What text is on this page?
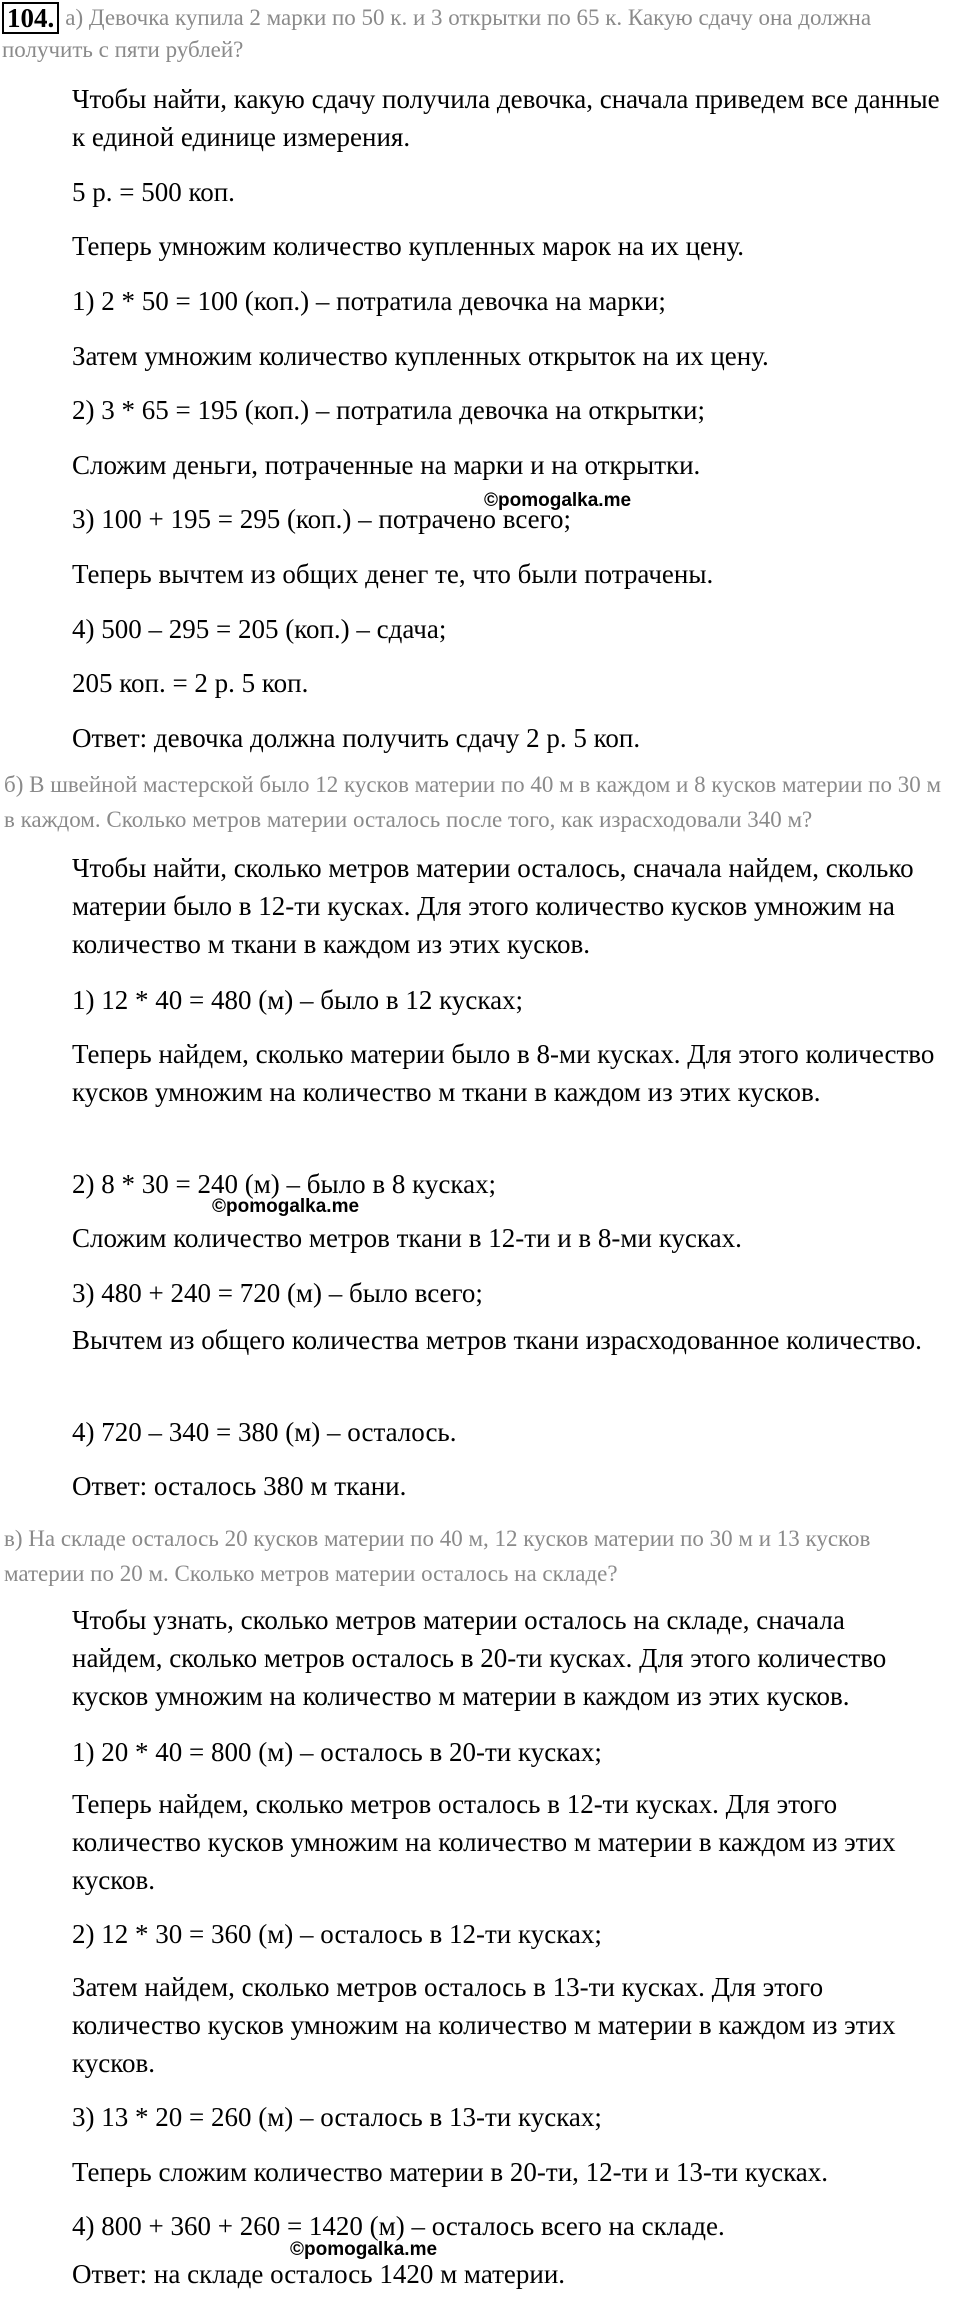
104. а) Девочка купила 2 марки по 50 к. и 3 открытки по 65 к. Какую сдачу она должна получить с пяти рублей?
Чтобы найти, какую сдачу получила девочка, сначала приведем все данные к единой единице измерения.
5 р. = 500 коп.
Теперь умножим количество купленных марок на их цену.
1) 2 * 50 = 100 (коп.) – потратила девочка на марки;
Затем умножим количество купленных открыток на их цену.
2) 3 * 65 = 195 (коп.) – потратила девочка на открытки;
Сложим деньги, потраченные на марки и на открытки.
3) 100 + 195 = 295 (коп.) – потрачено всего;
Теперь вычтем из общих денег те, что были потрачены.
4) 500 – 295 = 205 (коп.) – сдача;
205 коп. = 2 р. 5 коп.
Ответ: девочка должна получить сдачу 2 р. 5 коп.
б) В швейной мастерской было 12 кусков материи по 40 м в каждом и 8 кусков материи по 30 м в каждом. Сколько метров материи осталось после того, как израсходовали 340 м?
Чтобы найти, сколько метров материи осталось, сначала найдем, сколько материи было в 12-ти кусках. Для этого количество кусков умножим на количество м ткани в каждом из этих кусков.
1) 12 * 40 = 480 (м) – было в 12 кусках;
Теперь найдем, сколько материи было в 8-ми кусках. Для этого количество кусков умножим на количество м ткани в каждом из этих кусков.
2) 8 * 30 = 240 (м) – было в 8 кусках;
Сложим количество метров ткани в 12-ти и в 8-ми кусках.
3) 480 + 240 = 720 (м) – было всего;
Вычтем из общего количества метров ткани израсходованное количество.
4) 720 – 340 = 380 (м) – осталось.
Ответ: осталось 380 м ткани.
в) На складе осталось 20 кусков материи по 40 м, 12 кусков материи по 30 м и 13 кусков материи по 20 м. Сколько метров материи осталось на складе?
Чтобы узнать, сколько метров материи осталось на складе, сначала найдем, сколько метров осталось в 20-ти кусках. Для этого количество кусков умножим на количество м материи в каждом из этих кусков.
1) 20 * 40 = 800 (м) – осталось в 20-ти кусках;
Теперь найдем, сколько метров осталось в 12-ти кусках. Для этого количество кусков умножим на количество м материи в каждом из этих кусков.
2) 12 * 30 = 360 (м) – осталось в 12-ти кусках;
Затем найдем, сколько метров осталось в 13-ти кусках. Для этого количество кусков умножим на количество м материи в каждом из этих кусков.
3) 13 * 20 = 260 (м) – осталось в 13-ти кусках;
Теперь сложим количество материи в 20-ти, 12-ти и 13-ти кусках.
4) 800 + 360 + 260 = 1420 (м) – осталось всего на складе.
Ответ: на складе осталось 1420 м материи.
©pomogalka.me
©pomogalka.me
©pomogalka.me
